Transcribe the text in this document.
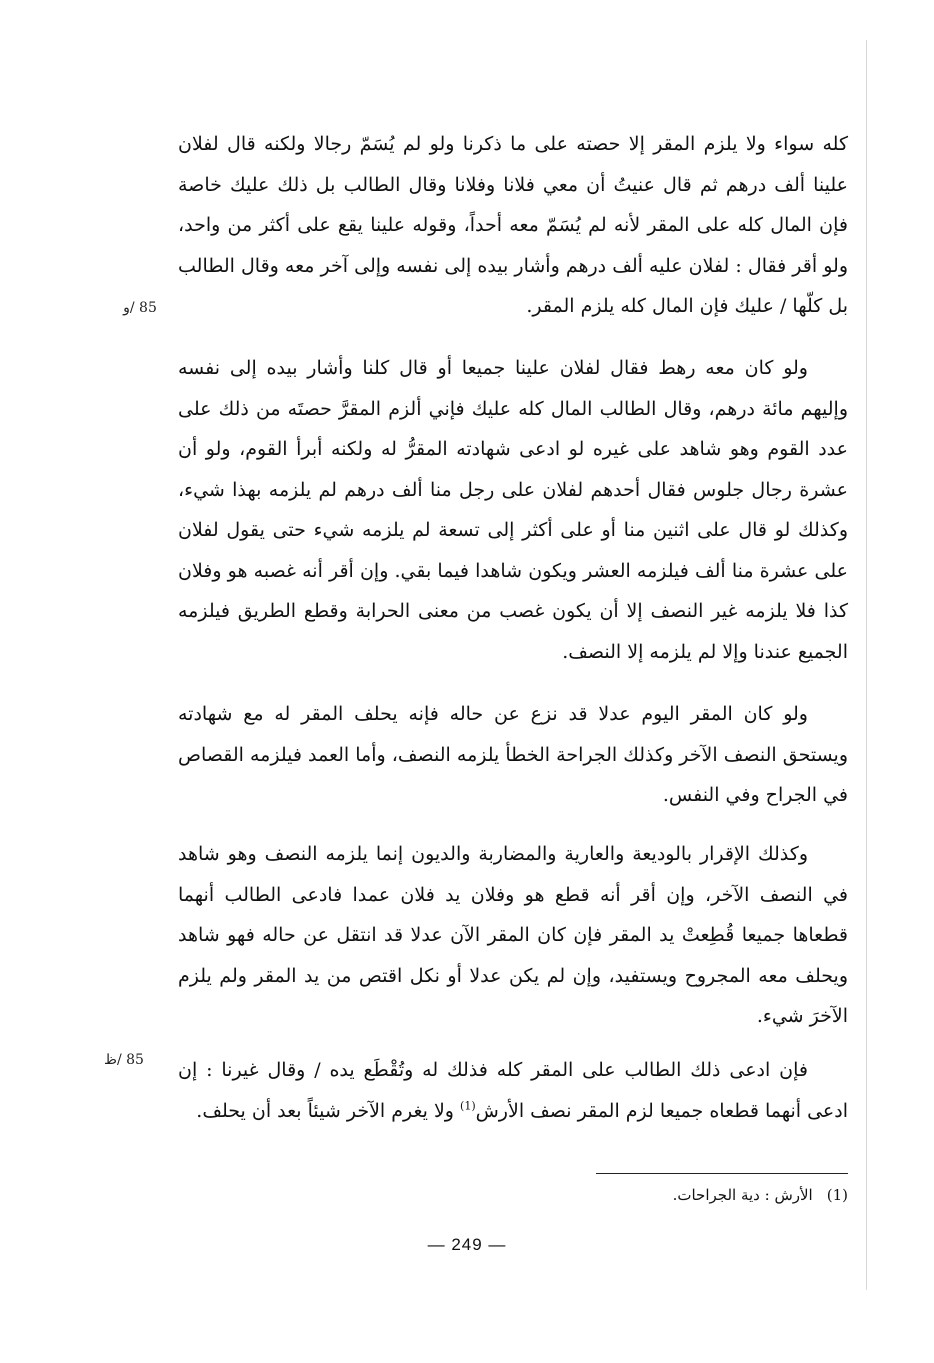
كله سواء ولا يلزم المقر إلا حصته على ما ذكرنا ولو لم يُسَمّ رجالا ولكنه قال لفلان علينا ألف درهم ثم قال عنيتُ أن معي فلانا وفلانا وقال الطالب بل ذلك عليك خاصة فإن المال كله على المقر لأنه لم يُسَمّ معه أحداً، وقوله علينا يقع على أكثر من واحد، ولو أقر فقال : لفلان عليه ألف درهم وأشار بيده إلى نفسه وإلى آخر معه وقال الطالب بل كلّها / عليك فإن المال كله يلزم المقر.

85 /و

ولو كان معه رهط فقال لفلان علينا جميعا أو قال كلنا وأشار بيده إلى نفسه وإليهم مائة درهم، وقال الطالب المال كله عليك فإني ألزم المقرَّ حصتَه من ذلك على عدد القوم وهو شاهد على غيره لو ادعى شهادته المقرُّ له ولكنه أبرأ القوم، ولو أن عشرة رجال جلوس فقال أحدهم لفلان على رجل منا ألف درهم لم يلزمه بهذا شيء، وكذلك لو قال على اثنين منا أو على أكثر إلى تسعة لم يلزمه شيء حتى يقول لفلان على عشرة منا ألف فيلزمه العشر ويكون شاهدا فيما بقي. وإن أقر أنه غصبه هو وفلان كذا فلا يلزمه غير النصف إلا أن يكون غصب من معنى الحرابة وقطع الطريق فيلزمه الجميع عندنا وإلا لم يلزمه إلا النصف.

ولو كان المقر اليوم عدلا قد نزع عن حاله فإنه يحلف المقر له مع شهادته ويستحق النصف الآخر وكذلك الجراحة الخطأ يلزمه النصف، وأما العمد فيلزمه القصاص في الجراح وفي النفس.

وكذلك الإقرار بالوديعة والعارية والمضاربة والديون إنما يلزمه النصف وهو شاهد في النصف الآخر، وإن أقر أنه قطع هو وفلان يد فلان عمدا فادعى الطالب أنهما قطعاها جميعا قُطِعتْ يد المقر فإن كان المقر الآن عدلا قد انتقل عن حاله فهو شاهد ويحلف معه المجروح ويستفيد، وإن لم يكن عدلا أو نكل اقتص من يد المقر ولم يلزم الآخرَ شيء.

فإن ادعى ذلك الطالب على المقر كله فذلك له وتُقْطَع يده / وقال غيرنا : إن ادعى أنهما قطعاه جميعا لزم المقر نصف الأرش$^{(1)}$ ولا يغرم الآخر شيئاً بعد أن يحلف.

85 /ظ
(1)الأرش : دية الجراحات.
— 249 —
